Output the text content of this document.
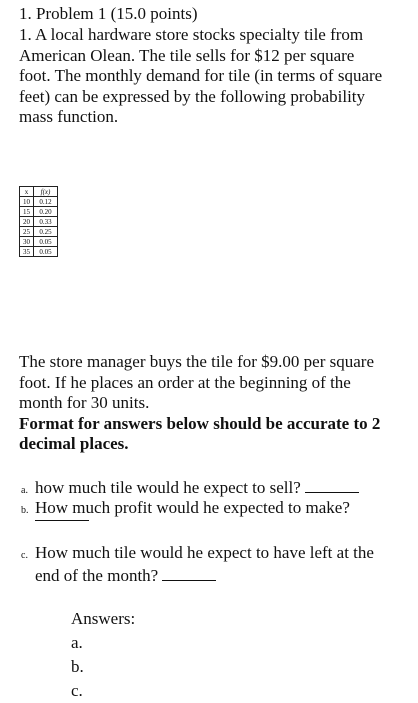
1. Problem 1 (15.0 points)
1. A local hardware store stocks specialty tile from
American Olean. The tile sells for $12 per square
foot. The monthly demand for tile (in terms of square
feet) can be expressed by the following probability
mass function.
x	f(x)
10	0.12
15	0.20
20	0.33
25	0.25
30	0.05
35	0.05
The store manager buys the tile for $9.00 per square
foot. If he places an order at the beginning of the
month for 30 units.
Format for answers below should be accurate to 2
decimal places.
a. how much tile would he expect to sell?
b. How much profit would he expected to make?
c. How much tile would he expect to have left at the
end of the month?
Answers:
a.
b.
c.
